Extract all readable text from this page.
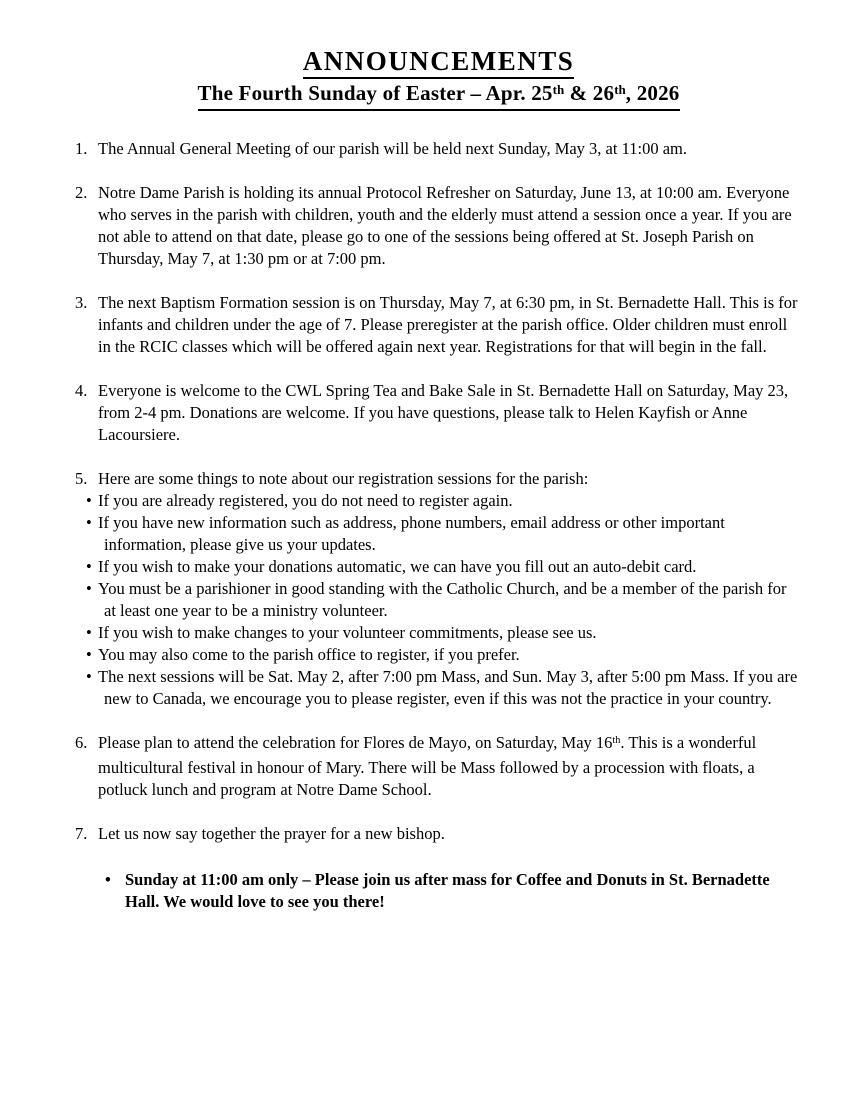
ANNOUNCEMENTS
The Fourth Sunday of Easter – Apr. 25th & 26th, 2026
1. The Annual General Meeting of our parish will be held next Sunday, May 3, at 11:00 am.
2. Notre Dame Parish is holding its annual Protocol Refresher on Saturday, June 13, at 10:00 am. Everyone who serves in the parish with children, youth and the elderly must attend a session once a year. If you are not able to attend on that date, please go to one of the sessions being offered at St. Joseph Parish on Thursday, May 7, at 1:30 pm or at 7:00 pm.
3. The next Baptism Formation session is on Thursday, May 7, at 6:30 pm, in St. Bernadette Hall. This is for infants and children under the age of 7. Please preregister at the parish office. Older children must enroll in the RCIC classes which will be offered again next year. Registrations for that will begin in the fall.
4. Everyone is welcome to the CWL Spring Tea and Bake Sale in St. Bernadette Hall on Saturday, May 23, from 2-4 pm. Donations are welcome. If you have questions, please talk to Helen Kayfish or Anne Lacoursiere.
5. Here are some things to note about our registration sessions for the parish:
• If you are already registered, you do not need to register again.
• If you have new information such as address, phone numbers, email address or other important information, please give us your updates.
• If you wish to make your donations automatic, we can have you fill out an auto-debit card.
• You must be a parishioner in good standing with the Catholic Church, and be a member of the parish for at least one year to be a ministry volunteer.
• If you wish to make changes to your volunteer commitments, please see us.
• You may also come to the parish office to register, if you prefer.
• The next sessions will be Sat. May 2, after 7:00 pm Mass, and Sun. May 3, after 5:00 pm Mass. If you are new to Canada, we encourage you to please register, even if this was not the practice in your country.
6. Please plan to attend the celebration for Flores de Mayo, on Saturday, May 16th. This is a wonderful multicultural festival in honour of Mary. There will be Mass followed by a procession with floats, a potluck lunch and program at Notre Dame School.
7. Let us now say together the prayer for a new bishop.
• Sunday at 11:00 am only – Please join us after mass for Coffee and Donuts in St. Bernadette Hall. We would love to see you there!
